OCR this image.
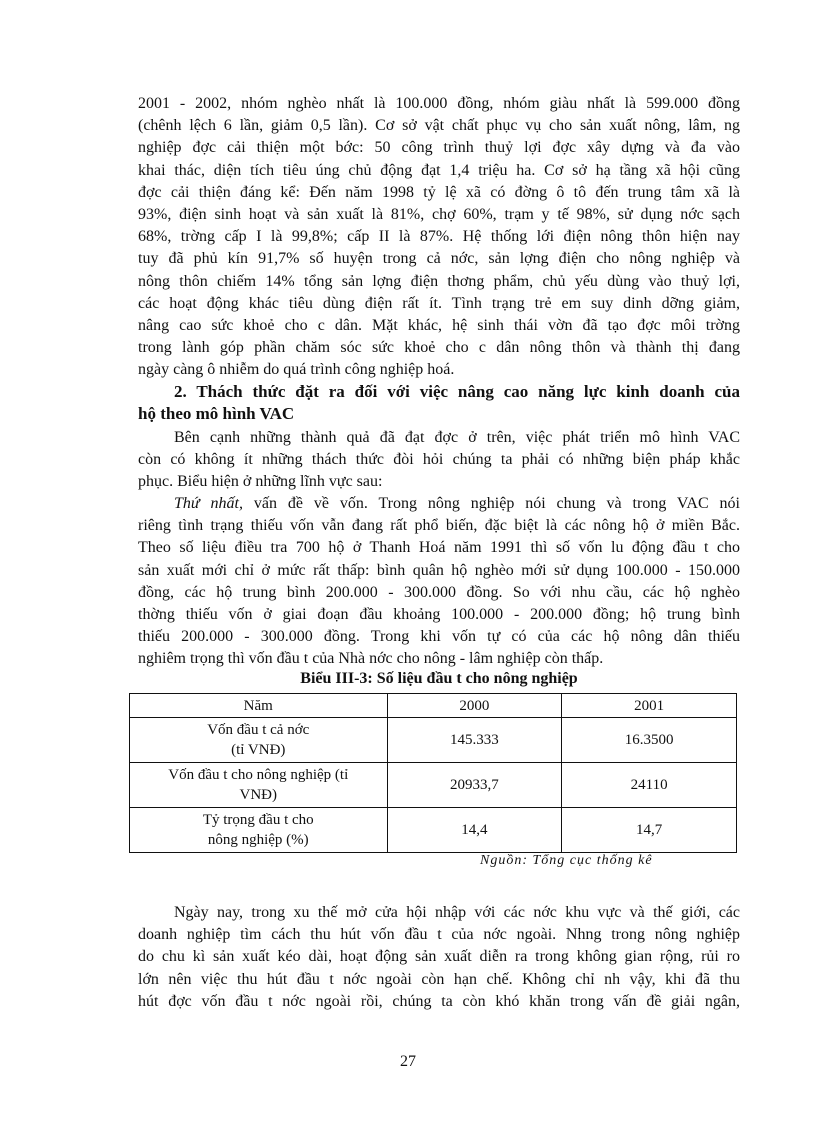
2001 - 2002, nhóm nghèo nhất là 100.000 đồng, nhóm giàu nhất là 599.000 đồng
(chênh lệch 6 lần, giảm 0,5 lần). Cơ sở vật chất phục vụ cho sản xuất nông, lâm, ng
nghiệp đợc cải thiện một bớc: 50 công trình thuỷ lợi đợc xây dựng và đa vào
khai thác, diện tích tiêu úng chủ động đạt 1,4 triệu ha. Cơ sở hạ tầng xã hội cũng
đợc cải thiện đáng kể: Đến năm 1998 tỷ lệ xã có đờng ô tô đến trung tâm xã là
93%, điện sinh hoạt và sản xuất là 81%, chợ 60%, trạm y tế 98%, sử dụng nớc sạch
68%, trờng cấp I là 99,8%; cấp II là 87%. Hệ thống lới điện nông thôn hiện nay
tuy đã phủ kín 91,7% số huyện trong cả nớc, sản lợng điện cho nông nghiệp và
nông thôn chiếm 14% tổng sản lợng điện thơng phẩm, chủ yếu dùng vào thuỷ lợi,
các hoạt động khác tiêu dùng điện rất ít. Tình trạng trẻ em suy dinh dỡng giảm,
nâng cao sức khoẻ cho c dân. Mặt khác, hệ sinh thái vờn đã tạo đợc môi trờng
trong lành góp phần chăm sóc sức khoẻ cho c dân nông thôn và thành thị đang
ngày càng ô nhiễm do quá trình công nghiệp hoá.
2. Thách thức đặt ra đối với việc nâng cao năng lực kinh doanh của
hộ theo mô hình VAC
Bên cạnh những thành quả đã đạt đợc ở trên, việc phát triển mô hình VAC
còn có không ít những thách thức đòi hỏi chúng ta phải có những biện pháp khắc
phục. Biểu hiện ở những lĩnh vực sau:
Thứ nhất, vấn đề về vốn. Trong nông nghiệp nói chung và trong VAC nói
riêng tình trạng thiếu vốn vẫn đang rất phổ biến, đặc biệt là các nông hộ ở miền Bắc.
Theo số liệu điều tra 700 hộ ở Thanh Hoá năm 1991 thì số vốn lu động đầu t cho
sản xuất mới chỉ ở mức rất thấp: bình quân hộ nghèo mới sử dụng 100.000 - 150.000
đồng, các hộ trung bình 200.000 - 300.000 đồng. So với nhu cầu, các hộ nghèo
thờng thiếu vốn ở giai đoạn đầu khoảng 100.000 - 200.000 đồng; hộ trung bình
thiếu 200.000 - 300.000 đồng. Trong khi vốn tự có của các hộ nông dân thiếu
nghiêm trọng thì vốn đầu t của Nhà nớc cho nông - lâm nghiệp còn thấp.
Biểu III-3: Số liệu đầu t cho nông nghiệp
Năm	2000	2001
Vốn đầu t cả nớc
(tỉ VNĐ)	145.333	16.3500
Vốn đầu t cho nông nghiệp (tỉ
VNĐ)	20933,7	24110
Tỷ trọng đầu t cho
nông nghiệp (%)	14,4	14,7
Nguồn: Tổng cục thống kê
Ngày nay, trong xu thế mở cửa hội nhập với các nớc khu vực và thế giới, các
doanh nghiệp tìm cách thu hút vốn đầu t của nớc ngoài. Nhng trong nông nghiệp
do chu kì sản xuất kéo dài, hoạt động sản xuất diễn ra trong không gian rộng, rủi ro
lớn nên việc thu hút đầu t nớc ngoài còn hạn chế. Không chỉ nh vậy, khi đã thu
hút đợc vốn đầu t nớc ngoài rồi, chúng ta còn khó khăn trong vấn đề giải ngân,
27
